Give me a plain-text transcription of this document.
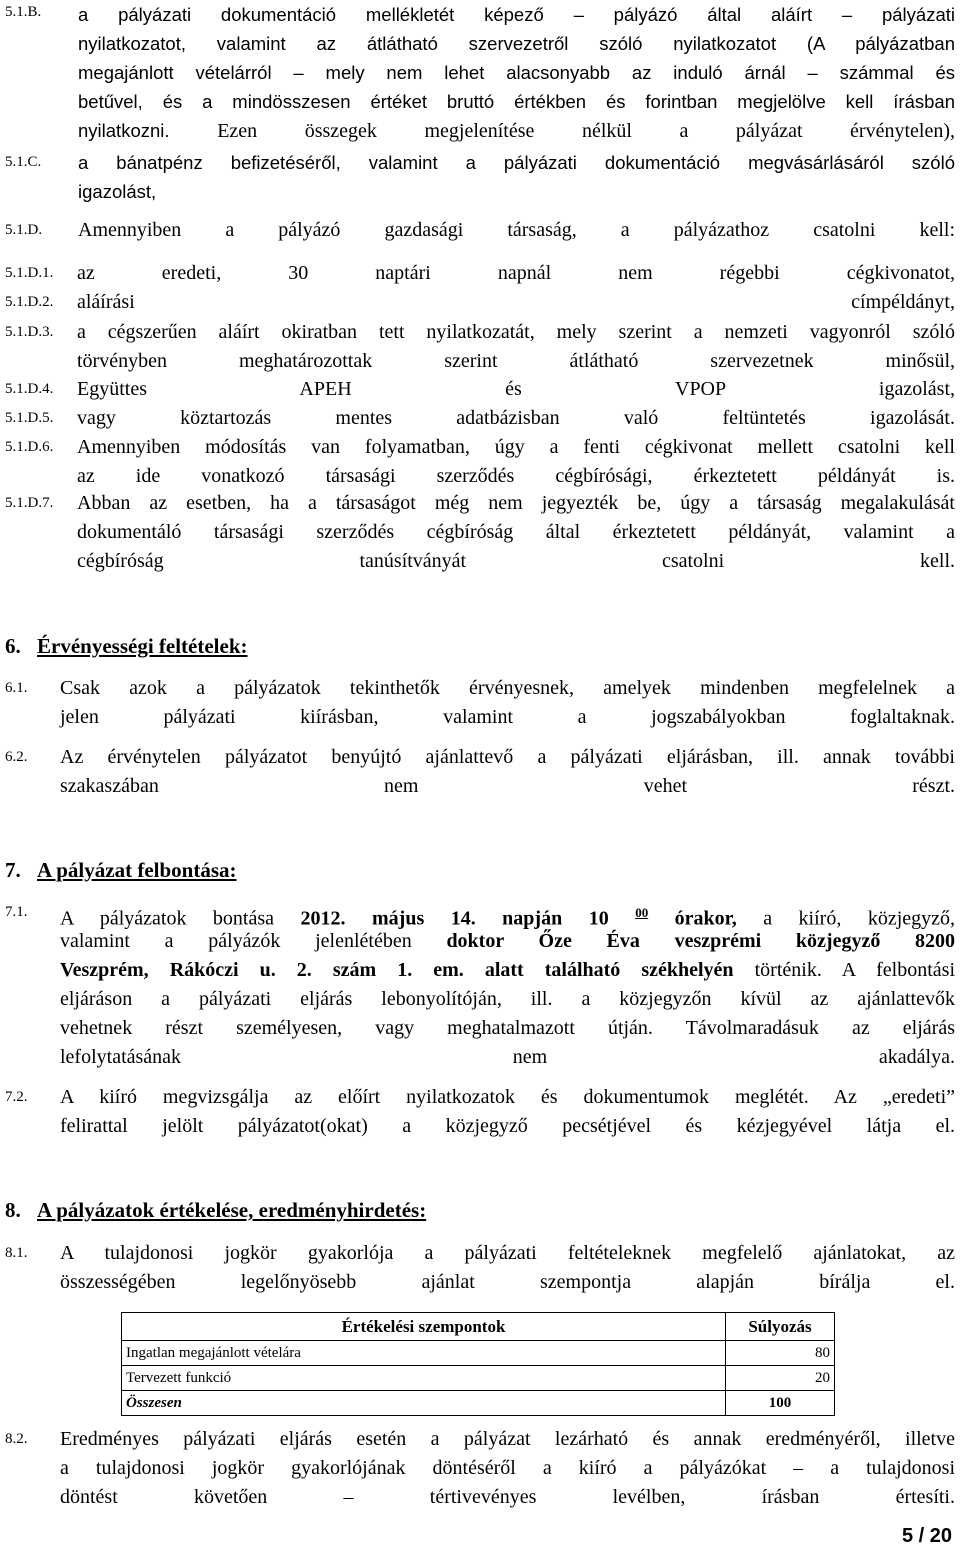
5.1.B. a pályázati dokumentáció mellékletét képező – pályázó által aláírt – pályázati
nyilatkozatot, valamint az átlátható szervezetről szóló nyilatkozatot (A pályázatban
megajánlott vételárról – mely nem lehet alacsonyabb az induló árnál – számmal és
betűvel, és a mindösszesen értéket bruttó értékben és forintban megjelölve kell írásban
nyilatkozni. Ezen összegek megjelenítése nélkül a pályázat érvénytelen),
5.1.C. a bánatpénz befizetéséről, valamint a pályázati dokumentáció megvásárlásáról szóló
igazolást,
5.1.D. Amennyiben a pályázó gazdasági társaság, a pályázathoz csatolni kell:
5.1.D.1. az eredeti, 30 naptári napnál nem régebbi cégkivonatot,
5.1.D.2. aláírási címpéldányt,
5.1.D.3. a cégszerűen aláírt okiratban tett nyilatkozatát, mely szerint a nemzeti vagyonról szóló
törvényben meghatározottak szerint átlátható szervezetnek minősül,
5.1.D.4. Együttes APEH és VPOP igazolást,
5.1.D.5. vagy köztartozás mentes adatbázisban való feltüntetés igazolását.
5.1.D.6. Amennyiben módosítás van folyamatban, úgy a fenti cégkivonat mellett csatolni kell
az ide vonatkozó társasági szerződés cégbírósági, érkeztetett példányát is.
5.1.D.7. Abban az esetben, ha a társaságot még nem jegyezték be, úgy a társaság megalakulását
dokumentáló társasági szerződés cégbíróság által érkeztetett példányát, valamint a
cégbíróság tanúsítványát csatolni kell.
6. Érvényességi feltételek:
6.1. Csak azok a pályázatok tekinthetők érvényesnek, amelyek mindenben megfelelnek a
jelen pályázati kiírásban, valamint a jogszabályokban foglaltaknak.
6.2. Az érvénytelen pályázatot benyújtó ajánlattevő a pályázati eljárásban, ill. annak további
szakaszában nem vehet részt.
7. A pályázat felbontása:
7.1. A pályázatok bontása 2012. május 14. napján 10 $^{00}$ órakor, a kiíró, közjegyző,
valamint a pályázók jelenlétében doktor Őze Éva veszprémi közjegyző 8200
Veszprém, Rákóczi u. 2. szám 1. em. alatt található székhelyén történik. A felbontási
eljáráson a pályázati eljárás lebonyolítóján, ill. a közjegyzőn kívül az ajánlattevők
vehetnek részt személyesen, vagy meghatalmazott útján. Távolmaradásuk az eljárás
lefolytatásának nem akadálya.
7.2. A kiíró megvizsgálja az előírt nyilatkozatok és dokumentumok meglétét. Az „eredeti”
felirattal jelölt pályázatot(okat) a közjegyző pecsétjével és kézjegyével látja el.
8. A pályázatok értékelése, eredményhirdetés:
8.1. A tulajdonosi jogkör gyakorlója a pályázati feltételeknek megfelelő ajánlatokat, az
összességében legelőnyösebb ajánlat szempontja alapján bírálja el.
Értékelési szempontok	Súlyozás
Ingatlan megajánlott vételára	80
Tervezett funkció	20
Összesen	100
8.2. Eredményes pályázati eljárás esetén a pályázat lezárható és annak eredményéről, illetve
a tulajdonosi jogkör gyakorlójának döntéséről a kiíró a pályázókat – a tulajdonosi
döntést követően – tértivevényes levélben, írásban értesíti.
5 / 20
